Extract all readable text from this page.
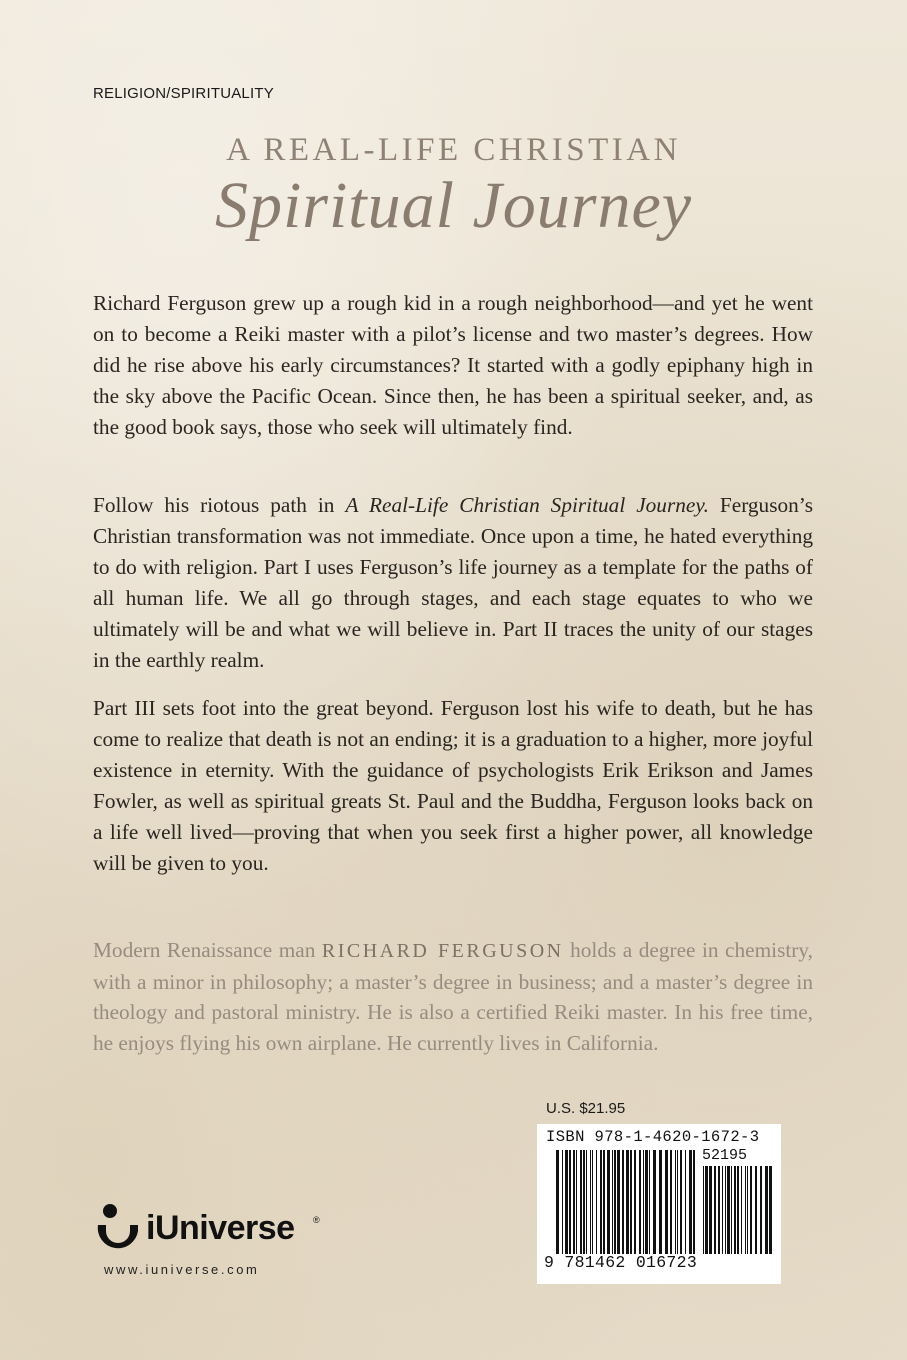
RELIGION/SPIRITUALITY
A REAL-LIFE CHRISTIAN
Spiritual Journey
Richard Ferguson grew up a rough kid in a rough neighborhood—and yet he went on to become a Reiki master with a pilot’s license and two master’s degrees. How did he rise above his early circumstances? It started with a godly epiphany high in the sky above the Pacific Ocean. Since then, he has been a spiritual seeker, and, as the good book says, those who seek will ultimately find.
Follow his riotous path in A Real-Life Christian Spiritual Journey. Ferguson’s Christian transformation was not immediate. Once upon a time, he hated everything to do with religion. Part I uses Ferguson’s life journey as a template for the paths of all human life. We all go through stages, and each stage equates to who we ultimately will be and what we will believe in. Part II traces the unity of our stages in the earthly realm.
Part III sets foot into the great beyond. Ferguson lost his wife to death, but he has come to realize that death is not an ending; it is a graduation to a higher, more joyful existence in eternity. With the guidance of psychologists Erik Erikson and James Fowler, as well as spiritual greats St. Paul and the Buddha, Ferguson looks back on a life well lived—proving that when you seek first a higher power, all knowledge will be given to you.
Modern Renaissance man RICHARD FERGUSON holds a degree in chemistry, with a minor in philosophy; a master’s degree in business; and a master’s degree in theology and pastoral ministry. He is also a certified Reiki master. In his free time, he enjoys flying his own airplane. He currently lives in California.
U.S. $21.95
ISBN 978-1-4620-1672-3
52195
9 781462 016723
iUniverse ®
www.iuniverse.com
